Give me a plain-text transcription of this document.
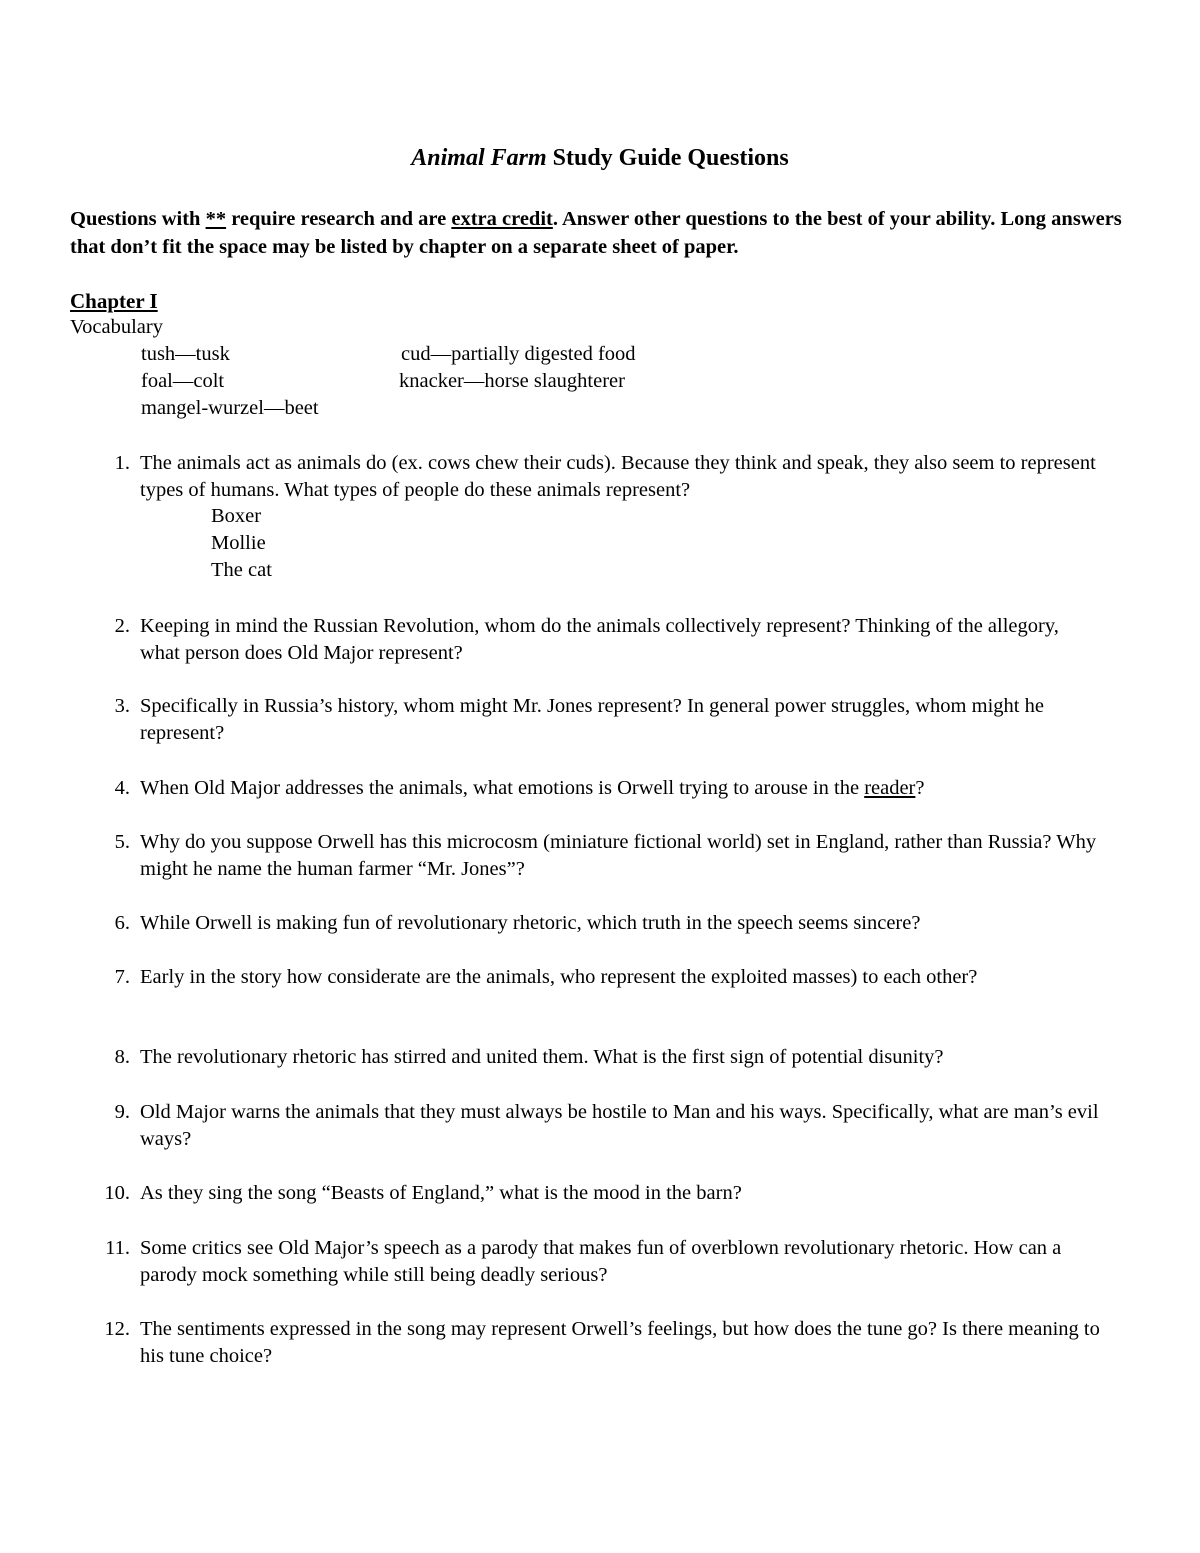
Animal Farm Study Guide Questions
Questions with ** require research and are extra credit. Answer other questions to the best of your ability. Long answers that don’t fit the space may be listed by chapter on a separate sheet of paper.
Chapter I
Vocabulary
tush—tusk	cud—partially digested food
foal—colt	knacker—horse slaughterer
mangel-wurzel—beet
1. The animals act as animals do (ex. cows chew their cuds). Because they think and speak, they also seem to represent types of humans. What types of people do these animals represent?
Boxer
Mollie
The cat
2. Keeping in mind the Russian Revolution, whom do the animals collectively represent? Thinking of the allegory, what person does Old Major represent?
3. Specifically in Russia’s history, whom might Mr. Jones represent? In general power struggles, whom might he represent?
4. When Old Major addresses the animals, what emotions is Orwell trying to arouse in the reader?
5. Why do you suppose Orwell has this microcosm (miniature fictional world) set in England, rather than Russia? Why might he name the human farmer “Mr. Jones”?
6. While Orwell is making fun of revolutionary rhetoric, which truth in the speech seems sincere?
7. Early in the story how considerate are the animals, who represent the exploited masses) to each other?
8. The revolutionary rhetoric has stirred and united them. What is the first sign of potential disunity?
9. Old Major warns the animals that they must always be hostile to Man and his ways. Specifically, what are man’s evil ways?
10. As they sing the song “Beasts of England,” what is the mood in the barn?
11. Some critics see Old Major’s speech as a parody that makes fun of overblown revolutionary rhetoric. How can a parody mock something while still being deadly serious?
12. The sentiments expressed in the song may represent Orwell’s feelings, but how does the tune go? Is there meaning to his tune choice?
